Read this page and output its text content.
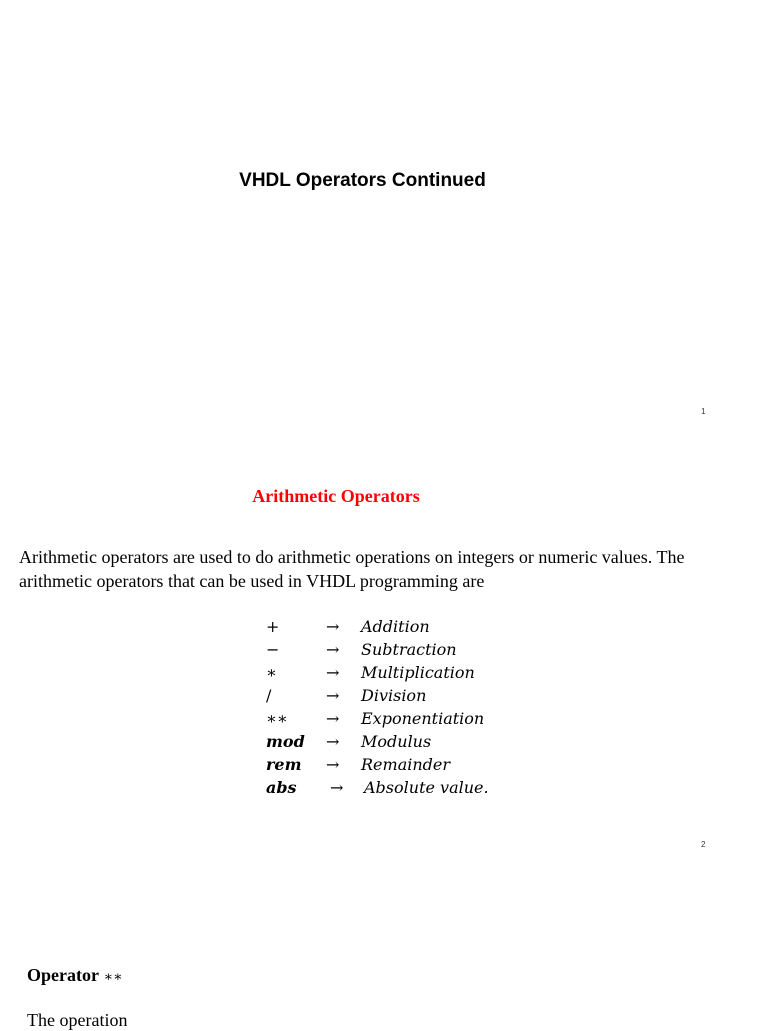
VHDL Operators Continued
1
Arithmetic Operators

Arithmetic operators are used to do arithmetic operations on integers or numeric values. The arithmetic operators that can be used in VHDL programming are

+	→ Addition
−	→ Subtraction
∗	→ Multiplication
/	→ Division
∗∗ → Exponentiation
mod → Modulus
rem → Remainder
abs → Absolute value.
2
Operator ∗∗
The operation
